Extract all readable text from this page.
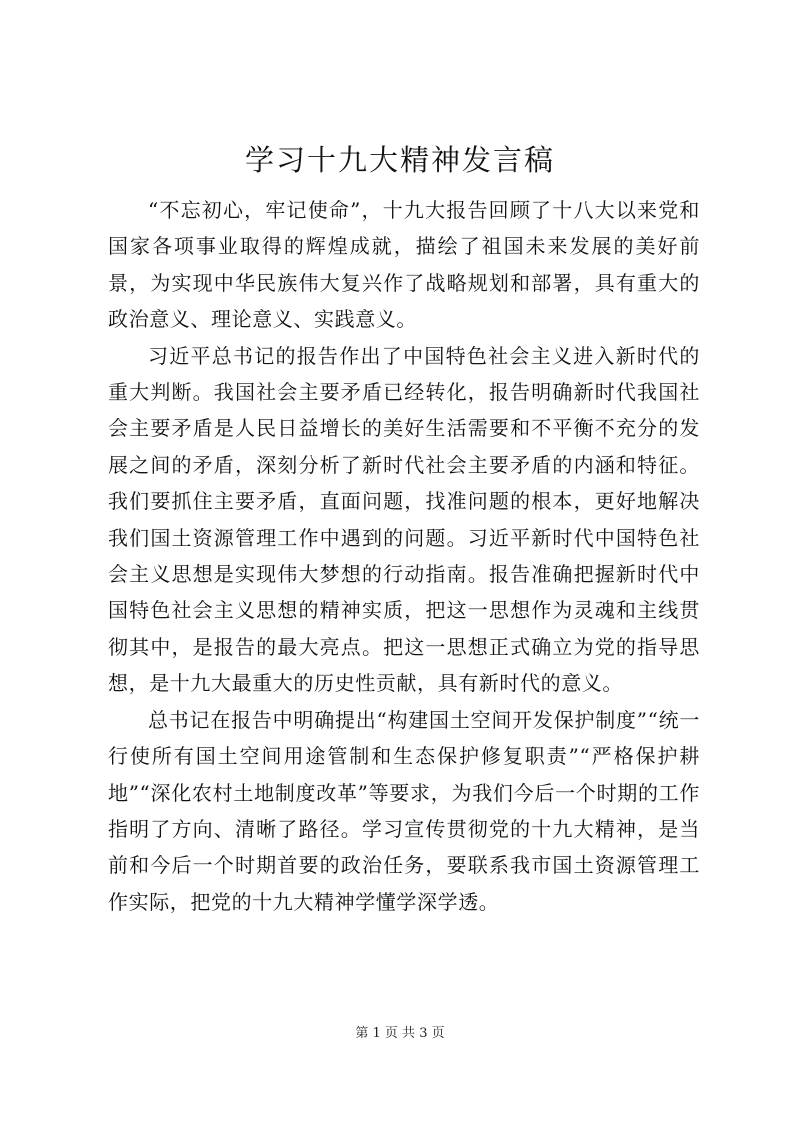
学习十九大精神发言稿

“不忘初心，牢记使命”，十九大报告回顾了十八大以来党和国家各项事业取得的辉煌成就，描绘了祖国未来发展的美好前景，为实现中华民族伟大复兴作了战略规划和部署，具有重大的政治意义、理论意义、实践意义。

习近平总书记的报告作出了中国特色社会主义进入新时代的重大判断。我国社会主要矛盾已经转化，报告明确新时代我国社会主要矛盾是人民日益增长的美好生活需要和不平衡不充分的发展之间的矛盾，深刻分析了新时代社会主要矛盾的内涵和特征。我们要抓住主要矛盾，直面问题，找准问题的根本，更好地解决我们国土资源管理工作中遇到的问题。习近平新时代中国特色社会主义思想是实现伟大梦想的行动指南。报告准确把握新时代中国特色社会主义思想的精神实质，把这一思想作为灵魂和主线贯彻其中，是报告的最大亮点。把这一思想正式确立为党的指导思想，是十九大最重大的历史性贡献，具有新时代的意义。

总书记在报告中明确提出“构建国土空间开发保护制度”“统一行使所有国土空间用途管制和生态保护修复职责”“严格保护耕地”“深化农村土地制度改革”等要求，为我们今后一个时期的工作指明了方向、清晰了路径。学习宣传贯彻党的十九大精神，是当前和今后一个时期首要的政治任务，要联系我市国土资源管理工作实际，把党的十九大精神学懂学深学透。

第 1 页 共 3 页
